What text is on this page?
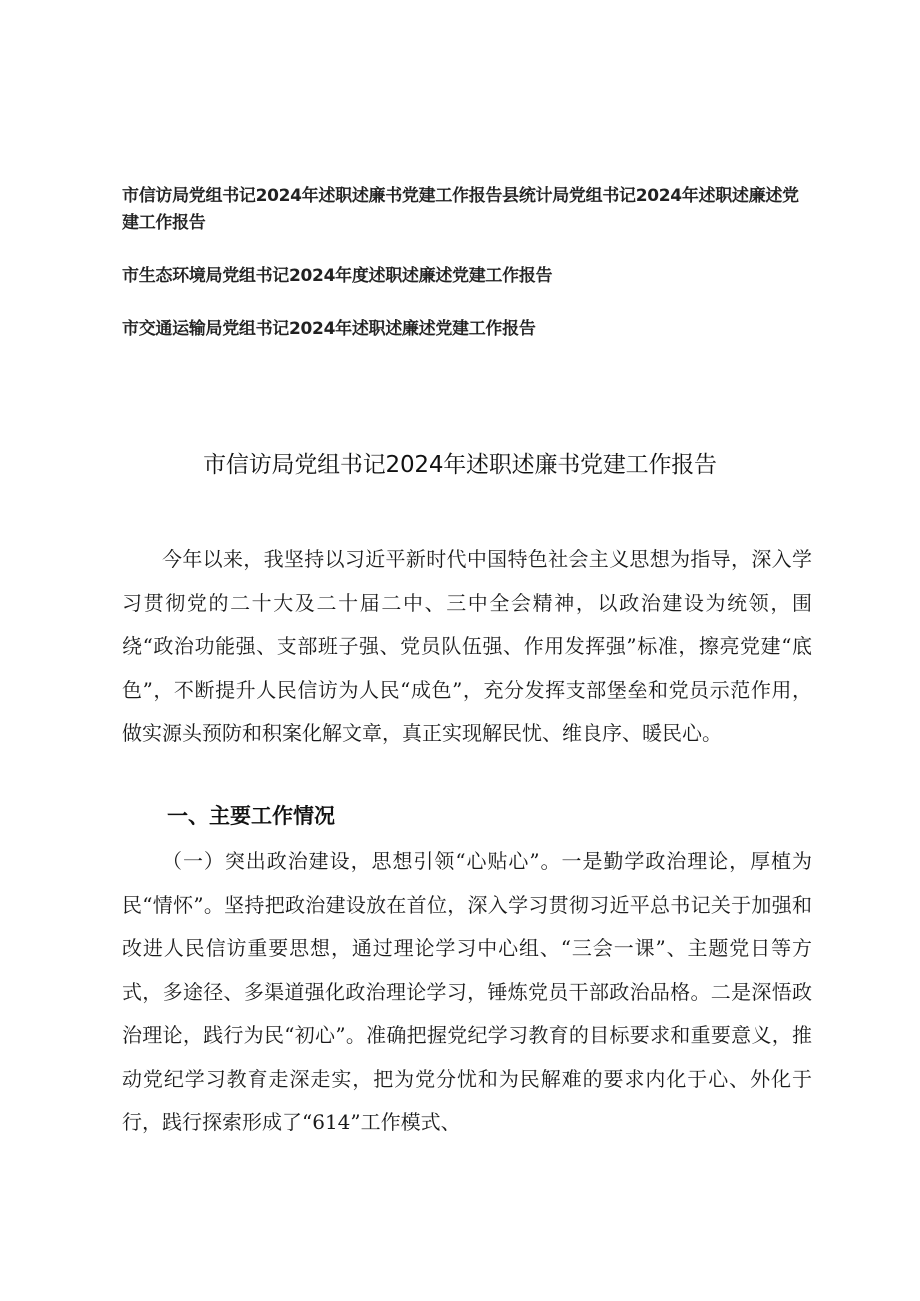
市信访局党组书记2024年述职述廉书党建工作报告县统计局党组书记2024年述职述廉述党建工作报告
市生态环境局党组书记2024年度述职述廉述党建工作报告
市交通运输局党组书记2024年述职述廉述党建工作报告
市信访局党组书记2024年述职述廉书党建工作报告

今年以来，我坚持以习近平新时代中国特色社会主义思想为指导，深入学习贯彻党的二十大及二十届二中、三中全会精神，以政治建设为统领，围绕“政治功能强、支部班子强、党员队伍强、作用发挥强”标准，擦亮党建“底色”，不断提升人民信访为人民“成色”，充分发挥支部堡垒和党员示范作用，做实源头预防和积案化解文章，真正实现解民忧、维良序、暖民心。

一、主要工作情况

（一）突出政治建设，思想引领“心贴心”。一是勤学政治理论，厚植为民“情怀”。坚持把政治建设放在首位，深入学习贯彻习近平总书记关于加强和改进人民信访重要思想，通过理论学习中心组、“三会一课”、主题党日等方式，多途径、多渠道强化政治理论学习，锤炼党员干部政治品格。二是深悟政治理论，践行为民“初心”。准确把握党纪学习教育的目标要求和重要意义，推动党纪学习教育走深走实，把为党分忧和为民解难的要求内化于心、外化于行，践行探索形成了“614”工作模式、
